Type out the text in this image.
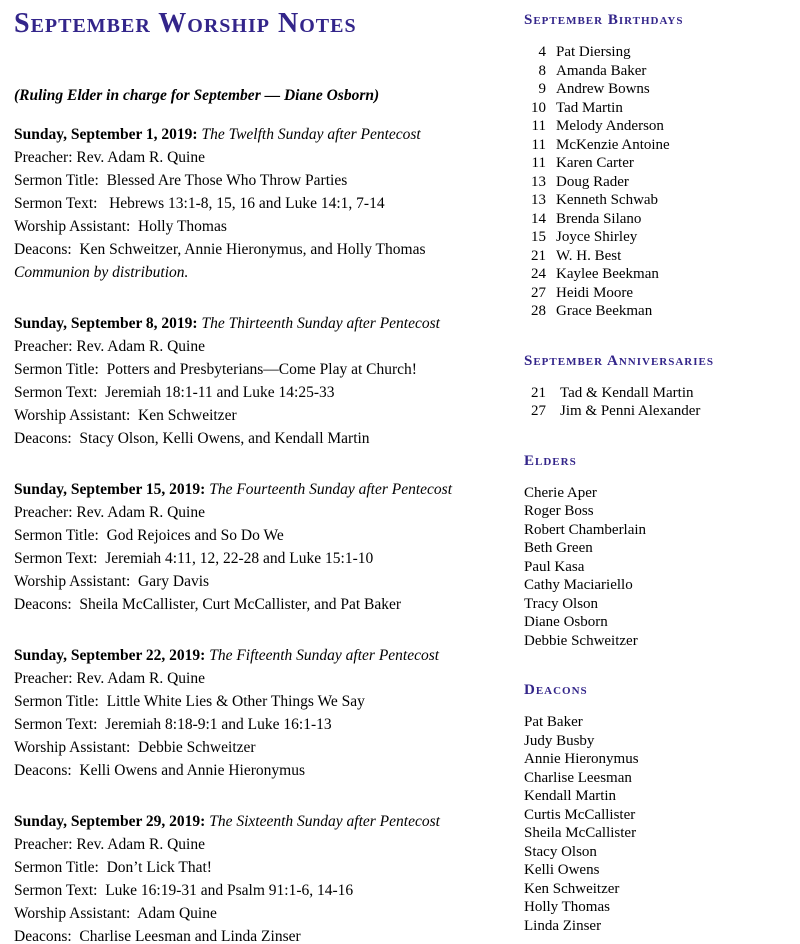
September Worship Notes

(Ruling Elder in charge for September — Diane Osborn)

Sunday, September 1, 2019: The Twelfth Sunday after Pentecost

Preacher: Rev. Adam R. Quine

Sermon Title:  Blessed Are Those Who Throw Parties

Sermon Text:   Hebrews 13:1-8, 15, 16 and Luke 14:1, 7-14

Worship Assistant:  Holly Thomas

Deacons:  Ken Schweitzer, Annie Hieronymus, and Holly Thomas

Communion by distribution.

Sunday, September 8, 2019: The Thirteenth Sunday after Pentecost

Preacher: Rev. Adam R. Quine

Sermon Title:  Potters and Presbyterians—Come Play at Church!

Sermon Text:  Jeremiah 18:1-11 and Luke 14:25-33

Worship Assistant:  Ken Schweitzer

Deacons:  Stacy Olson, Kelli Owens, and Kendall Martin

Sunday, September 15, 2019: The Fourteenth Sunday after Pentecost

Preacher: Rev. Adam R. Quine

Sermon Title:  God Rejoices and So Do We

Sermon Text:  Jeremiah 4:11, 12, 22-28 and Luke 15:1-10

Worship Assistant:  Gary Davis

Deacons:  Sheila McCallister, Curt McCallister, and Pat Baker

Sunday, September 22, 2019: The Fifteenth Sunday after Pentecost

Preacher: Rev. Adam R. Quine

Sermon Title:  Little White Lies & Other Things We Say

Sermon Text:  Jeremiah 8:18-9:1 and Luke 16:1-13

Worship Assistant:  Debbie Schweitzer

Deacons:  Kelli Owens and Annie Hieronymus

Sunday, September 29, 2019: The Sixteenth Sunday after Pentecost

Preacher: Rev. Adam R. Quine

Sermon Title:  Don’t Lick That!

Sermon Text:  Luke 16:19-31 and Psalm 91:1-6, 14-16

Worship Assistant:  Adam Quine

Deacons:  Charlise Leesman and Linda Zinser

September Birthdays

4 Pat Diersing

8 Amanda Baker

9 Andrew Bowns

10 Tad Martin

11 Melody Anderson

11 McKenzie Antoine

11 Karen Carter

13 Doug Rader

13 Kenneth Schwab

14 Brenda Silano

15 Joyce Shirley

21 W. H. Best

24 Kaylee Beekman

27 Heidi Moore

28 Grace Beekman

September Anniversaries

21 Tad & Kendall Martin

27 Jim & Penni Alexander

Elders

Cherie Aper

Roger Boss

Robert Chamberlain

Beth Green

Paul Kasa

Cathy Maciariello

Tracy Olson

Diane Osborn

Debbie Schweitzer

Deacons

Pat Baker

Judy Busby

Annie Hieronymus

Charlise Leesman

Kendall Martin

Curtis McCallister

Sheila McCallister

Stacy Olson

Kelli Owens

Ken Schweitzer

Holly Thomas

Linda Zinser
